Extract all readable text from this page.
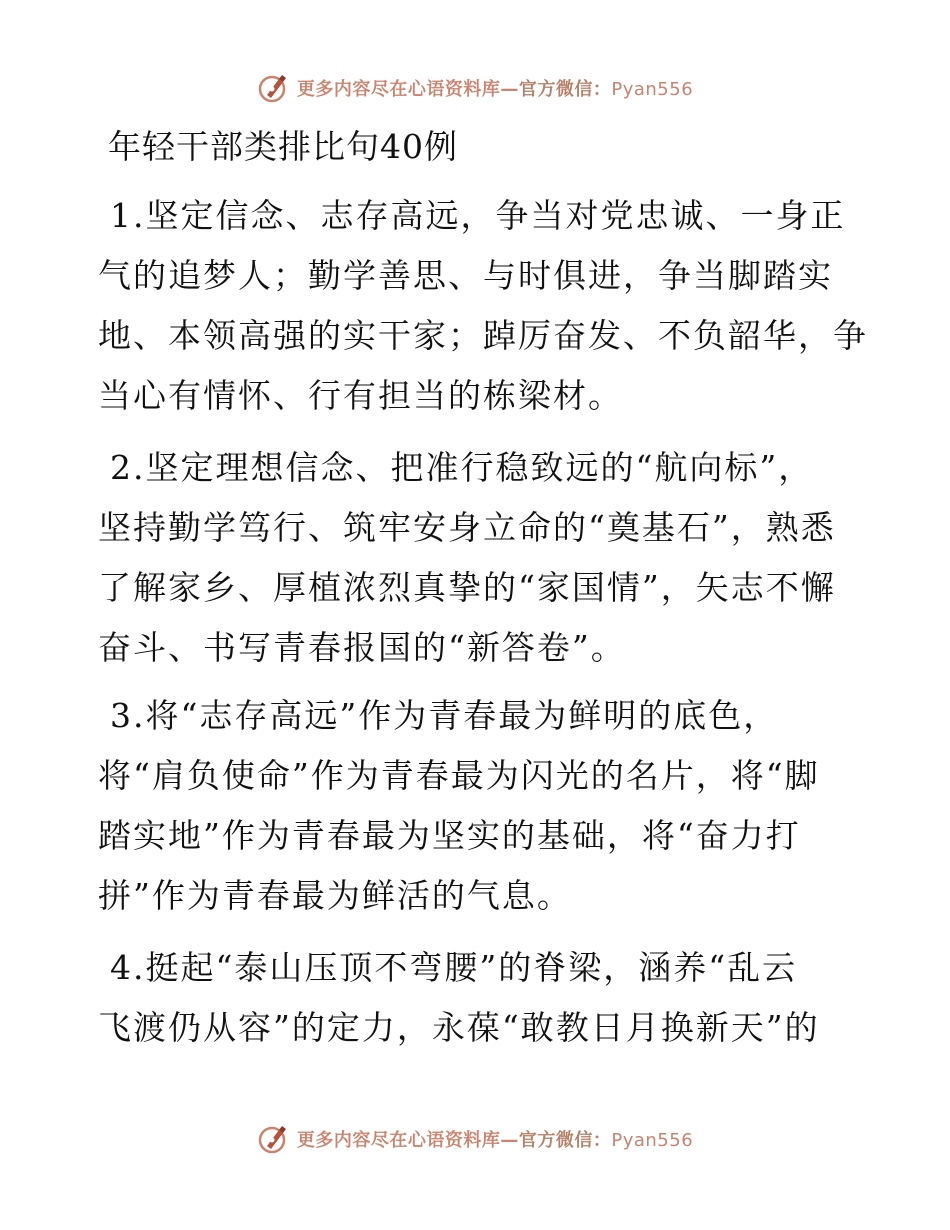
更多内容尽在心语资料库—官方微信：Pyan556
年轻干部类排比句40例
1.坚定信念、志存高远，争当对党忠诚、一身正
气的追梦人；勤学善思、与时俱进，争当脚踏实
地、本领高强的实干家；踔厉奋发、不负韶华，争
当心有情怀、行有担当的栋梁材。
2.坚定理想信念、把准行稳致远的“航向标”，
坚持勤学笃行、筑牢安身立命的“奠基石”，熟悉
了解家乡、厚植浓烈真挚的“家国情”，矢志不懈
奋斗、书写青春报国的“新答卷”。
3.将“志存高远”作为青春最为鲜明的底色，
将“肩负使命”作为青春最为闪光的名片，将“脚
踏实地”作为青春最为坚实的基础，将“奋力打
拼”作为青春最为鲜活的气息。
4.挺起“泰山压顶不弯腰”的脊梁，涵养“乱云
飞渡仍从容”的定力，永葆“敢教日月换新天”的
更多内容尽在心语资料库—官方微信：Pyan556
